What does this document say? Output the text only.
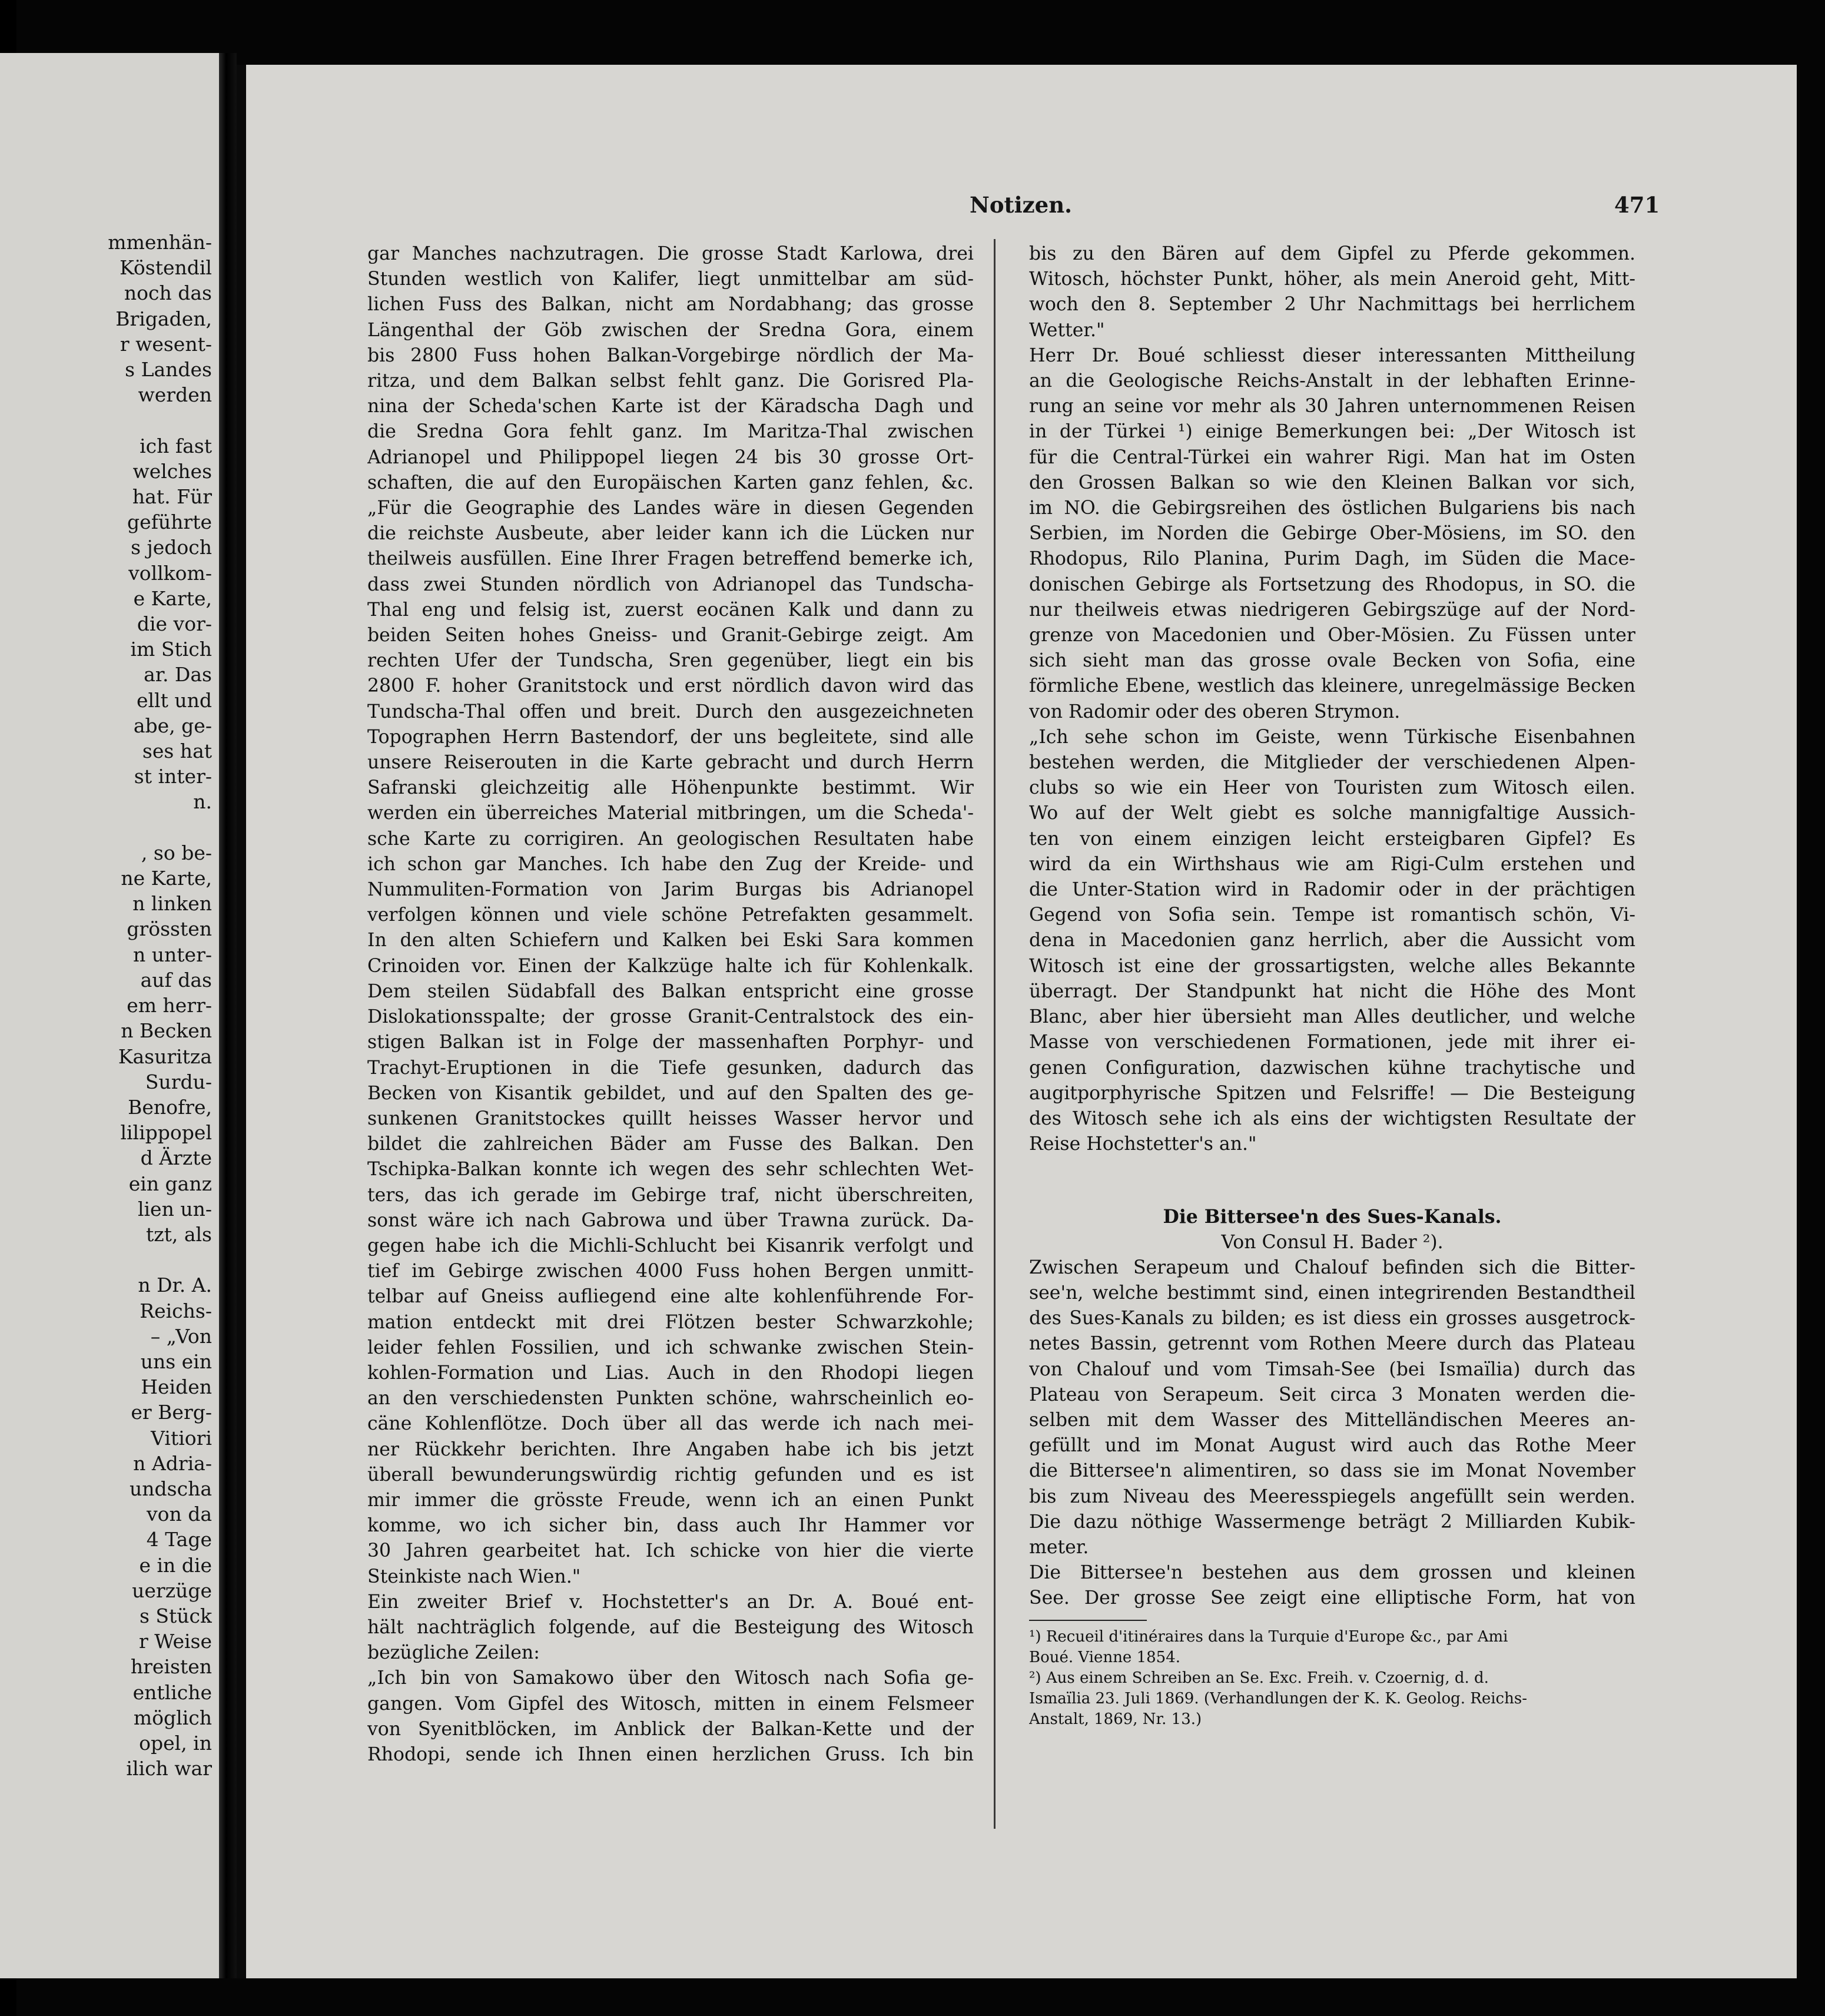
mmenhän-
Köstendil
noch das
Brigaden,
r wesent-
s Landes
werden

ich fast
welches
hat. Für
geführte
s jedoch
vollkom-
e Karte,
die vor-
im Stich
ar. Das
ellt und
abe, ge-
ses hat
st inter-
n.

, so be-
ne Karte,
n linken
grössten
n unter-
auf das
em herr-
n Becken
Kasuritza
Surdu-
Benofre,
lilippopel
d Ärzte
ein ganz
lien un-
tzt, als

n Dr. A.
Reichs-
– „Von
uns ein
Heiden
er Berg-
Vitiori
n Adria-
undscha
von da
4 Tage
e in die
uerzüge
s Stück
r Weise
hreisten
entliche
möglich
opel, in
ilich war
Notizen.	471
gar Manches nachzutragen. Die grosse Stadt Karlowa, drei
Stunden westlich von Kalifer, liegt unmittelbar am süd-
lichen Fuss des Balkan, nicht am Nordabhang; das grosse
Längenthal der Göb zwischen der Sredna Gora, einem
bis 2800 Fuss hohen Balkan-Vorgebirge nördlich der Ma-
ritza, und dem Balkan selbst fehlt ganz. Die Gorisred Pla-
nina der Scheda'schen Karte ist der Käradscha Dagh und
die Sredna Gora fehlt ganz. Im Maritza-Thal zwischen
Adrianopel und Philippopel liegen 24 bis 30 grosse Ort-
schaften, die auf den Europäischen Karten ganz fehlen, &c.
„Für die Geographie des Landes wäre in diesen Gegenden
die reichste Ausbeute, aber leider kann ich die Lücken nur
theilweis ausfüllen. Eine Ihrer Fragen betreffend bemerke ich,
dass zwei Stunden nördlich von Adrianopel das Tundscha-
Thal eng und felsig ist, zuerst eocänen Kalk und dann zu
beiden Seiten hohes Gneiss- und Granit-Gebirge zeigt. Am
rechten Ufer der Tundscha, Sren gegenüber, liegt ein bis
2800 F. hoher Granitstock und erst nördlich davon wird das
Tundscha-Thal offen und breit. Durch den ausgezeichneten
Topographen Herrn Bastendorf, der uns begleitete, sind alle
unsere Reiserouten in die Karte gebracht und durch Herrn
Safranski gleichzeitig alle Höhenpunkte bestimmt. Wir
werden ein überreiches Material mitbringen, um die Scheda'-
sche Karte zu corrigiren. An geologischen Resultaten habe
ich schon gar Manches. Ich habe den Zug der Kreide- und
Nummuliten-Formation von Jarim Burgas bis Adrianopel
verfolgen können und viele schöne Petrefakten gesammelt.
In den alten Schiefern und Kalken bei Eski Sara kommen
Crinoiden vor. Einen der Kalkzüge halte ich für Kohlenkalk.
Dem steilen Südabfall des Balkan entspricht eine grosse
Dislokationsspalte; der grosse Granit-Centralstock des ein-
stigen Balkan ist in Folge der massenhaften Porphyr- und
Trachyt-Eruptionen in die Tiefe gesunken, dadurch das
Becken von Kisantik gebildet, und auf den Spalten des ge-
sunkenen Granitstockes quillt heisses Wasser hervor und
bildet die zahlreichen Bäder am Fusse des Balkan. Den
Tschipka-Balkan konnte ich wegen des sehr schlechten Wet-
ters, das ich gerade im Gebirge traf, nicht überschreiten,
sonst wäre ich nach Gabrowa und über Trawna zurück. Da-
gegen habe ich die Michli-Schlucht bei Kisanrik verfolgt und
tief im Gebirge zwischen 4000 Fuss hohen Bergen unmitt-
telbar auf Gneiss aufliegend eine alte kohlenführende For-
mation entdeckt mit drei Flötzen bester Schwarzkohle;
leider fehlen Fossilien, und ich schwanke zwischen Stein-
kohlen-Formation und Lias. Auch in den Rhodopi liegen
an den verschiedensten Punkten schöne, wahrscheinlich eo-
cäne Kohlenflötze. Doch über all das werde ich nach mei-
ner Rückkehr berichten. Ihre Angaben habe ich bis jetzt
überall bewunderungswürdig richtig gefunden und es ist
mir immer die grösste Freude, wenn ich an einen Punkt
komme, wo ich sicher bin, dass auch Ihr Hammer vor
30 Jahren gearbeitet hat. Ich schicke von hier die vierte
Steinkiste nach Wien."
Ein zweiter Brief v. Hochstetter's an Dr. A. Boué ent-
hält nachträglich folgende, auf die Besteigung des Witosch
bezügliche Zeilen:
„Ich bin von Samakowo über den Witosch nach Sofia ge-
gangen. Vom Gipfel des Witosch, mitten in einem Felsmeer
von Syenitblöcken, im Anblick der Balkan-Kette und der
Rhodopi, sende ich Ihnen einen herzlichen Gruss. Ich bin
bis zu den Bären auf dem Gipfel zu Pferde gekommen.
Witosch, höchster Punkt, höher, als mein Aneroid geht, Mitt-
woch den 8. September 2 Uhr Nachmittags bei herrlichem
Wetter."
Herr Dr. Boué schliesst dieser interessanten Mittheilung
an die Geologische Reichs-Anstalt in der lebhaften Erinne-
rung an seine vor mehr als 30 Jahren unternommenen Reisen
in der Türkei ¹) einige Bemerkungen bei: „Der Witosch ist
für die Central-Türkei ein wahrer Rigi. Man hat im Osten
den Grossen Balkan so wie den Kleinen Balkan vor sich,
im NO. die Gebirgsreihen des östlichen Bulgariens bis nach
Serbien, im Norden die Gebirge Ober-Mösiens, im SO. den
Rhodopus, Rilo Planina, Purim Dagh, im Süden die Mace-
donischen Gebirge als Fortsetzung des Rhodopus, in SO. die
nur theilweis etwas niedrigeren Gebirgszüge auf der Nord-
grenze von Macedonien und Ober-Mösien. Zu Füssen unter
sich sieht man das grosse ovale Becken von Sofia, eine
förmliche Ebene, westlich das kleinere, unregelmässige Becken
von Radomir oder des oberen Strymon.
„Ich sehe schon im Geiste, wenn Türkische Eisenbahnen
bestehen werden, die Mitglieder der verschiedenen Alpen-
clubs so wie ein Heer von Touristen zum Witosch eilen.
Wo auf der Welt giebt es solche mannigfaltige Aussich-
ten von einem einzigen leicht ersteigbaren Gipfel? Es
wird da ein Wirthshaus wie am Rigi-Culm erstehen und
die Unter-Station wird in Radomir oder in der prächtigen
Gegend von Sofia sein. Tempe ist romantisch schön, Vi-
dena in Macedonien ganz herrlich, aber die Aussicht vom
Witosch ist eine der grossartigsten, welche alles Bekannte
überragt. Der Standpunkt hat nicht die Höhe des Mont
Blanc, aber hier übersieht man Alles deutlicher, und welche
Masse von verschiedenen Formationen, jede mit ihrer ei-
genen Configuration, dazwischen kühne trachytische und
augitporphyrische Spitzen und Felsriffe! — Die Besteigung
des Witosch sehe ich als eins der wichtigsten Resultate der
Reise Hochstetter's an."
Die Bittersee'n des Sues-Kanals.
Von Consul H. Bader ²).
Zwischen Serapeum und Chalouf befinden sich die Bitter-
see'n, welche bestimmt sind, einen integrirenden Bestandtheil
des Sues-Kanals zu bilden; es ist diess ein grosses ausgetrock-
netes Bassin, getrennt vom Rothen Meere durch das Plateau
von Chalouf und vom Timsah-See (bei Ismaïlia) durch das
Plateau von Serapeum. Seit circa 3 Monaten werden die-
selben mit dem Wasser des Mittelländischen Meeres an-
gefüllt und im Monat August wird auch das Rothe Meer
die Bittersee'n alimentiren, so dass sie im Monat November
bis zum Niveau des Meeresspiegels angefüllt sein werden.
Die dazu nöthige Wassermenge beträgt 2 Milliarden Kubik-
meter.
Die Bittersee'n bestehen aus dem grossen und kleinen
See. Der grosse See zeigt eine elliptische Form, hat von
¹) Recueil d'itinéraires dans la Turquie d'Europe &c., par Ami
Boué. Vienne 1854.
²) Aus einem Schreiben an Se. Exc. Freih. v. Czoernig, d. d.
Ismaïlia 23. Juli 1869. (Verhandlungen der K. K. Geolog. Reichs-
Anstalt, 1869, Nr. 13.)
